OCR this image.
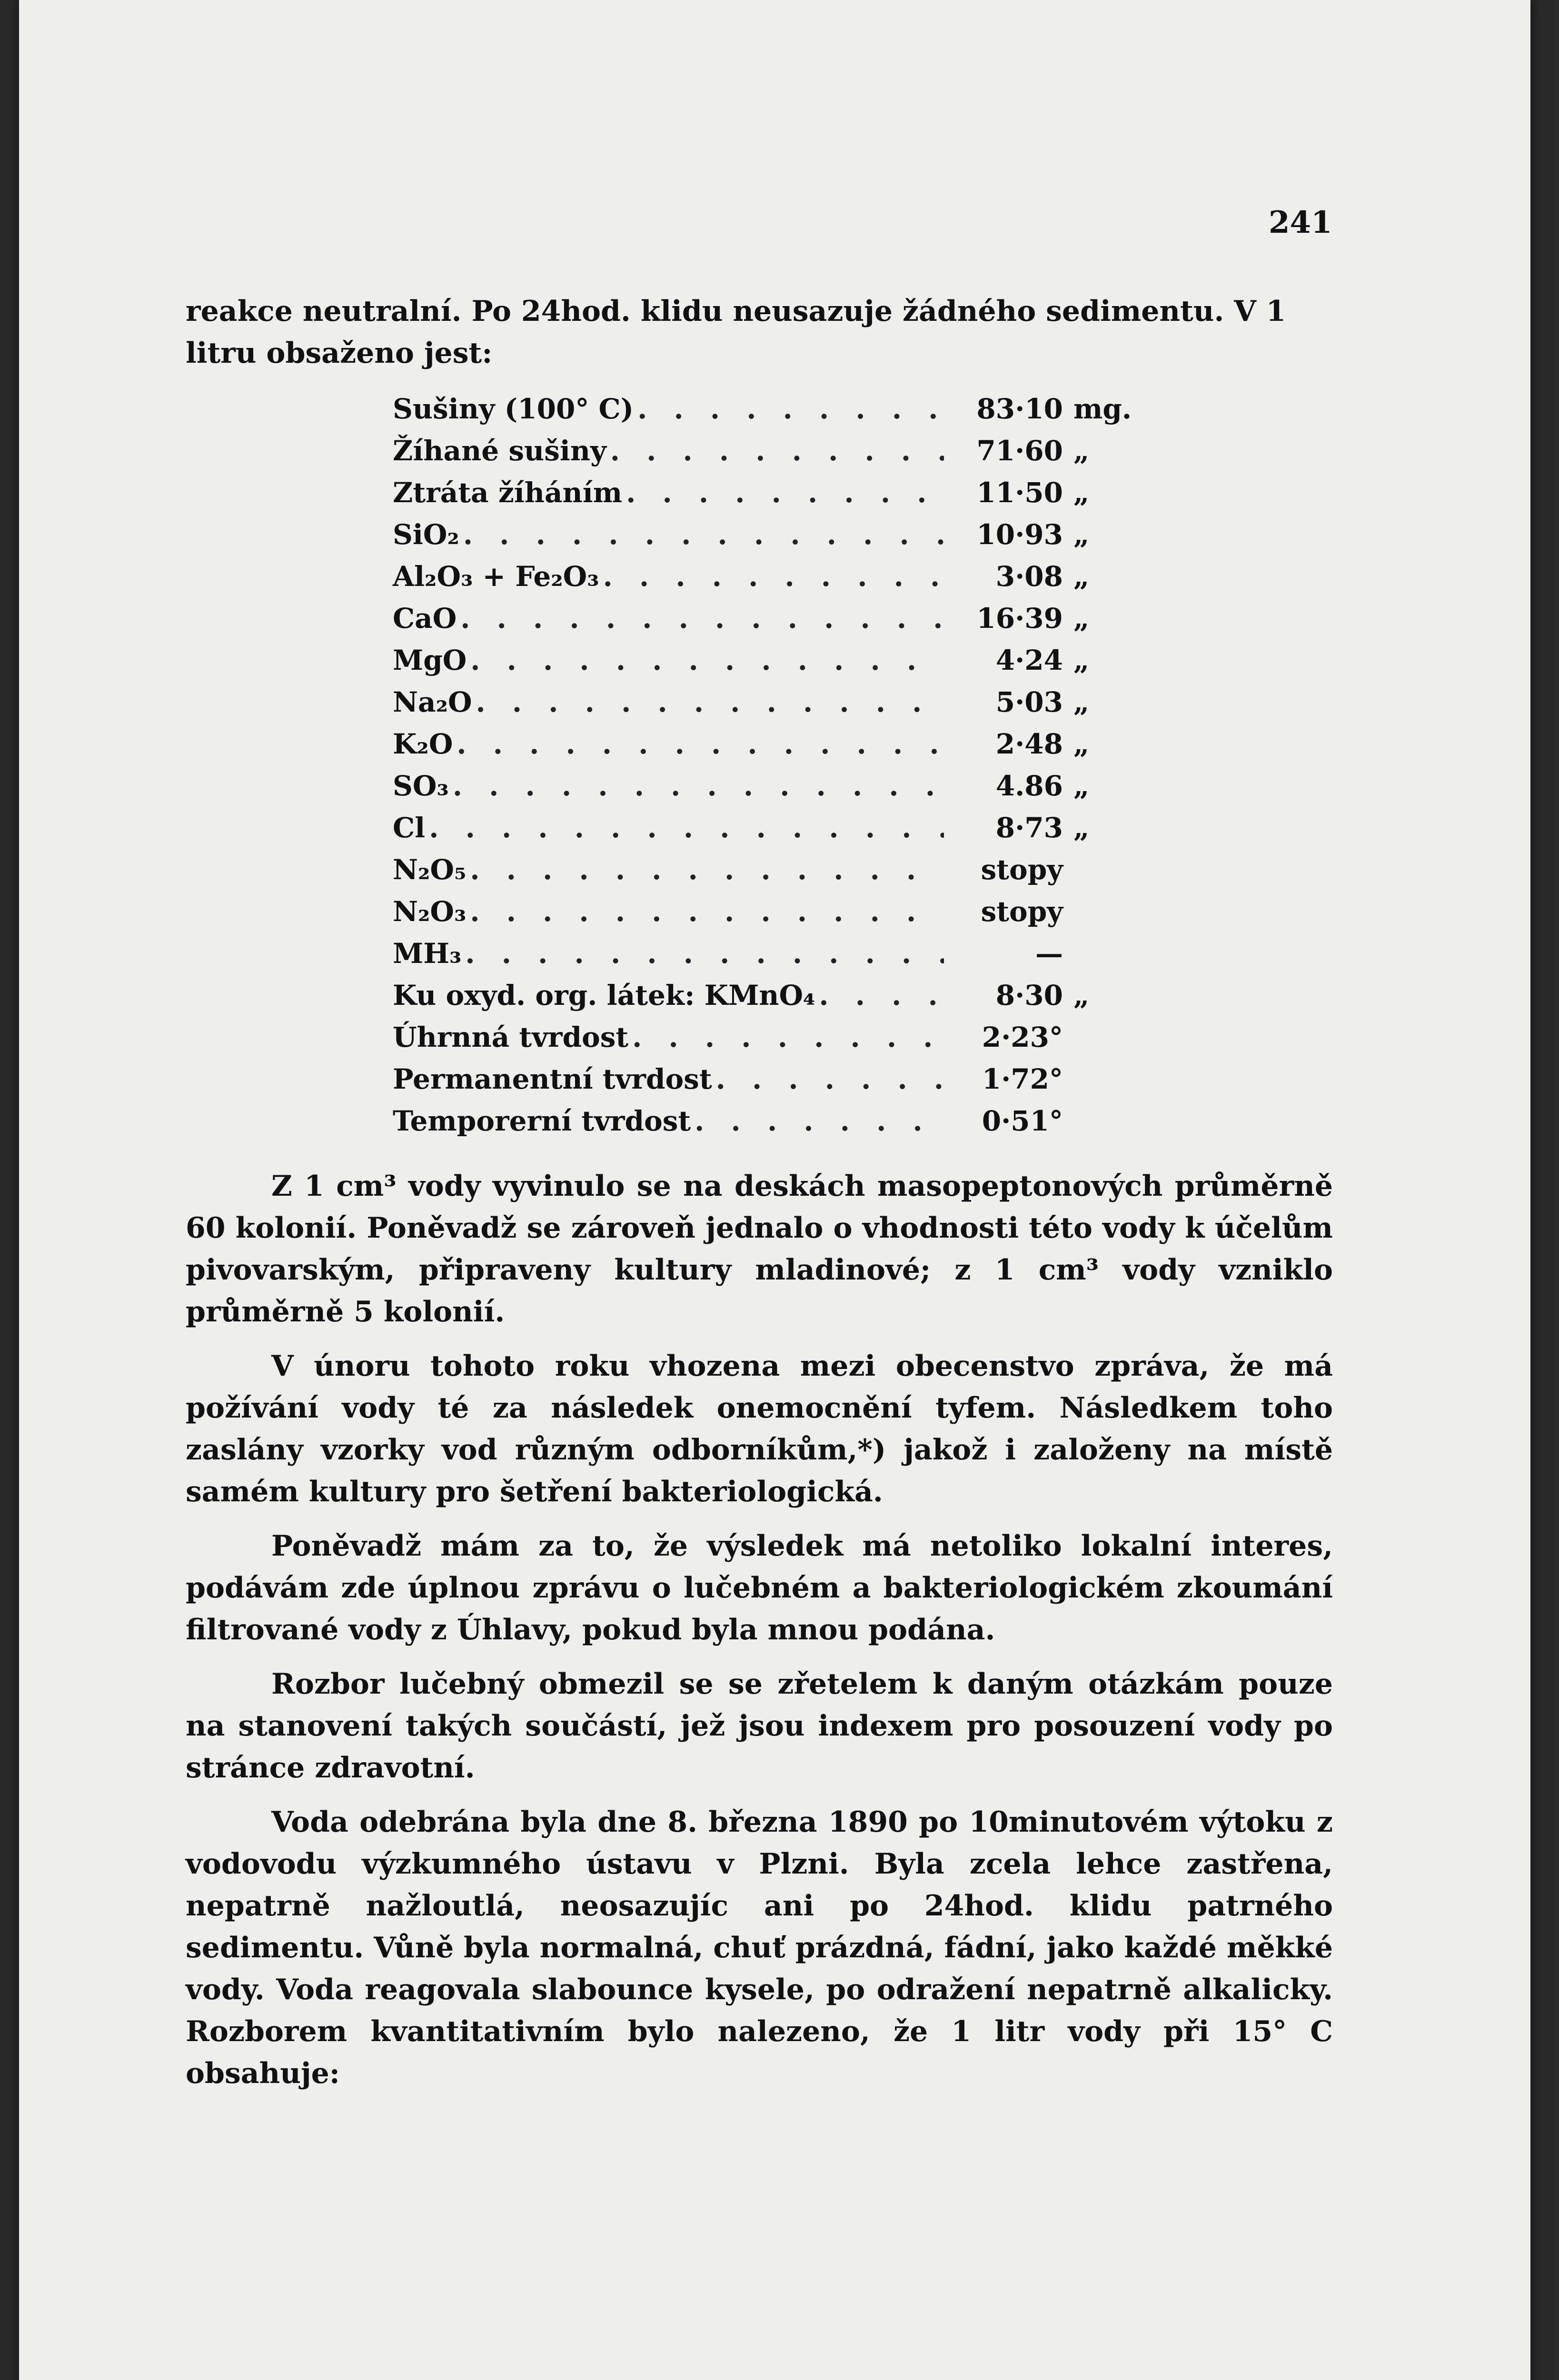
241
reakce neutralní. Po 24hod. klidu neusazuje žádného sedimentu. V 1 litru obsaženo jest:
Sušiny (100° C) . . .	83·10 mg.
Žíhané sušiny . . .	71·60 „
Ztráta žíháním . . .	11·50 „
SiO₂ . . .	10·93 „
Al₂O₃ + Fe₂O₃ . . .	3·08 „
CaO . . .	16·39 „
MgO . . .	4·24 „
Na₂O . . .	5·03 „
K₂O . . .	2·48 „
SO₃ . . .	4.86 „
Cl . . .	8·73 „
N₂O₅ . . .	stopy
N₂O₃ . . .	stopy
MH₃ . . .	—
Ku oxyd. org. látek: KMnO₄ . . .	8·30 „
Úhrnná tvrdost . . .	2·23°
Permanentní tvrdost . . .	1·72°
Temporerní tvrdost . . .	0·51°

Z 1 cm³ vody vyvinulo se na deskách masopeptonových průměrně 60 kolonií. Poněvadž se zároveň jednalo o vhodnosti této vody k účelům pivovarským, připraveny kultury mladinové; z 1 cm³ vody vzniklo průměrně 5 kolonií.

V únoru tohoto roku vhozena mezi obecenstvo zpráva, že má požívání vody té za následek onemocnění tyfem. Následkem toho zaslány vzorky vod různým odborníkům,*) jakož i založeny na místě samém kultury pro šetření bakteriologická.

Poněvadž mám za to, že výsledek má netoliko lokalní interes, podávám zde úplnou zprávu o lučebném a bakteriologickém zkoumání filtrované vody z Úhlavy, pokud byla mnou podána.

Rozbor lučebný obmezil se se zřetelem k daným otázkám pouze na stanovení takých součástí, jež jsou indexem pro posouzení vody po stránce zdravotní.

Voda odebrána byla dne 8. března 1890 po 10minutovém výtoku z vodovodu výzkumného ústavu v Plzni. Byla zcela lehce zastřena, nepatrně nažloutlá, neosazujíc ani po 24hod. klidu patrného sedimentu. Vůně byla normalná, chuť prázdná, fádní, jako každé měkké vody. Voda reagovala slabounce kysele, po odražení nepatrně alkalicky. Rozborem kvantitativním bylo nalezeno, že 1 litr vody při 15° C obsahuje:
